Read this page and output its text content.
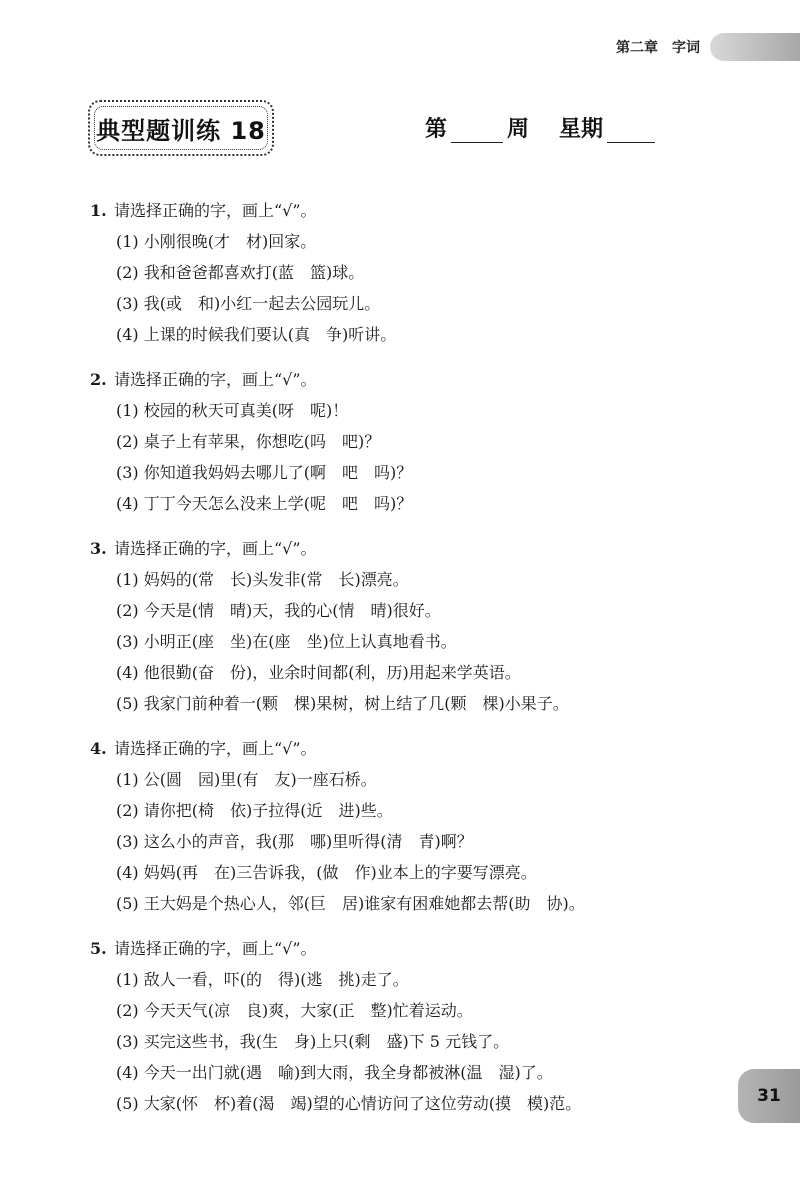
第二章　字词
典型题训练 18	第	周 星期
1. 请选择正确的字，画上“√”。
(1) 小刚很晚(才　材)回家。
(2) 我和爸爸都喜欢打(蓝　篮)球。
(3) 我(或　和)小红一起去公园玩儿。
(4) 上课的时候我们要认(真　争)听讲。
2. 请选择正确的字，画上“√”。
(1) 校园的秋天可真美(呀　呢)！
(2) 桌子上有苹果，你想吃(吗　吧)？
(3) 你知道我妈妈去哪儿了(啊　吧　吗)？
(4) 丁丁今天怎么没来上学(呢　吧　吗)？
3. 请选择正确的字，画上“√”。
(1) 妈妈的(常　长)头发非(常　长)漂亮。
(2) 今天是(情　晴)天，我的心(情　晴)很好。
(3) 小明正(座　坐)在(座　坐)位上认真地看书。
(4) 他很勤(奋　份)，业余时间都(利，历)用起来学英语。
(5) 我家门前种着一(颗　棵)果树，树上结了几(颗　棵)小果子。
4. 请选择正确的字，画上“√”。
(1) 公(圆　园)里(有　友)一座石桥。
(2) 请你把(椅　依)子拉得(近　进)些。
(3) 这么小的声音，我(那　哪)里听得(清　青)啊？
(4) 妈妈(再　在)三告诉我，(做　作)业本上的字要写漂亮。
(5) 王大妈是个热心人，邻(巨　居)谁家有困难她都去帮(助　协)。
5. 请选择正确的字，画上“√”。
(1) 敌人一看，吓(的　得)(逃　挑)走了。
(2) 今天天气(凉　良)爽，大家(正　整)忙着运动。
(3) 买完这些书，我(生　身)上只(剩　盛)下 5 元钱了。
(4) 今天一出门就(遇　喻)到大雨，我全身都被淋(温　湿)了。
(5) 大家(怀　杯)着(渴　竭)望的心情访问了这位劳动(摸　模)范。	31
